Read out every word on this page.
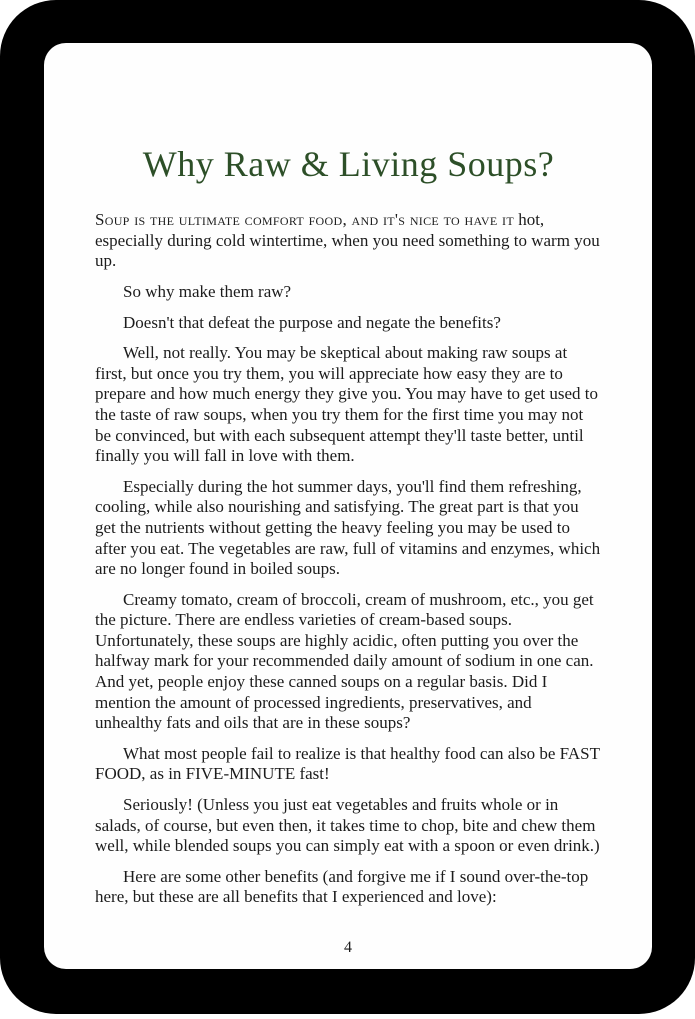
Why Raw & Living Soups?

Soup is the ultimate comfort food, and it's nice to have it hot, especially during cold wintertime, when you need something to warm you up.

So why make them raw?

Doesn't that defeat the purpose and negate the benefits?

Well, not really. You may be skeptical about making raw soups at first, but once you try them, you will appreciate how easy they are to prepare and how much energy they give you. You may have to get used to the taste of raw soups, when you try them for the first time you may not be convinced, but with each subsequent attempt they'll taste better, until finally you will fall in love with them.

Especially during the hot summer days, you'll find them refreshing, cooling, while also nourishing and satisfying. The great part is that you get the nutrients without getting the heavy feeling you may be used to after you eat. The vegetables are raw, full of vitamins and enzymes, which are no longer found in boiled soups.

Creamy tomato, cream of broccoli, cream of mushroom, etc., you get the picture. There are endless varieties of cream-based soups. Unfortunately, these soups are highly acidic, often putting you over the halfway mark for your recommended daily amount of sodium in one can. And yet, people enjoy these canned soups on a regular basis. Did I mention the amount of processed ingredients, preservatives, and unhealthy fats and oils that are in these soups?

What most people fail to realize is that healthy food can also be FAST FOOD, as in FIVE-MINUTE fast!

Seriously! (Unless you just eat vegetables and fruits whole or in salads, of course, but even then, it takes time to chop, bite and chew them well, while blended soups you can simply eat with a spoon or even drink.)

Here are some other benefits (and forgive me if I sound over-the-top here, but these are all benefits that I experienced and love):

4
